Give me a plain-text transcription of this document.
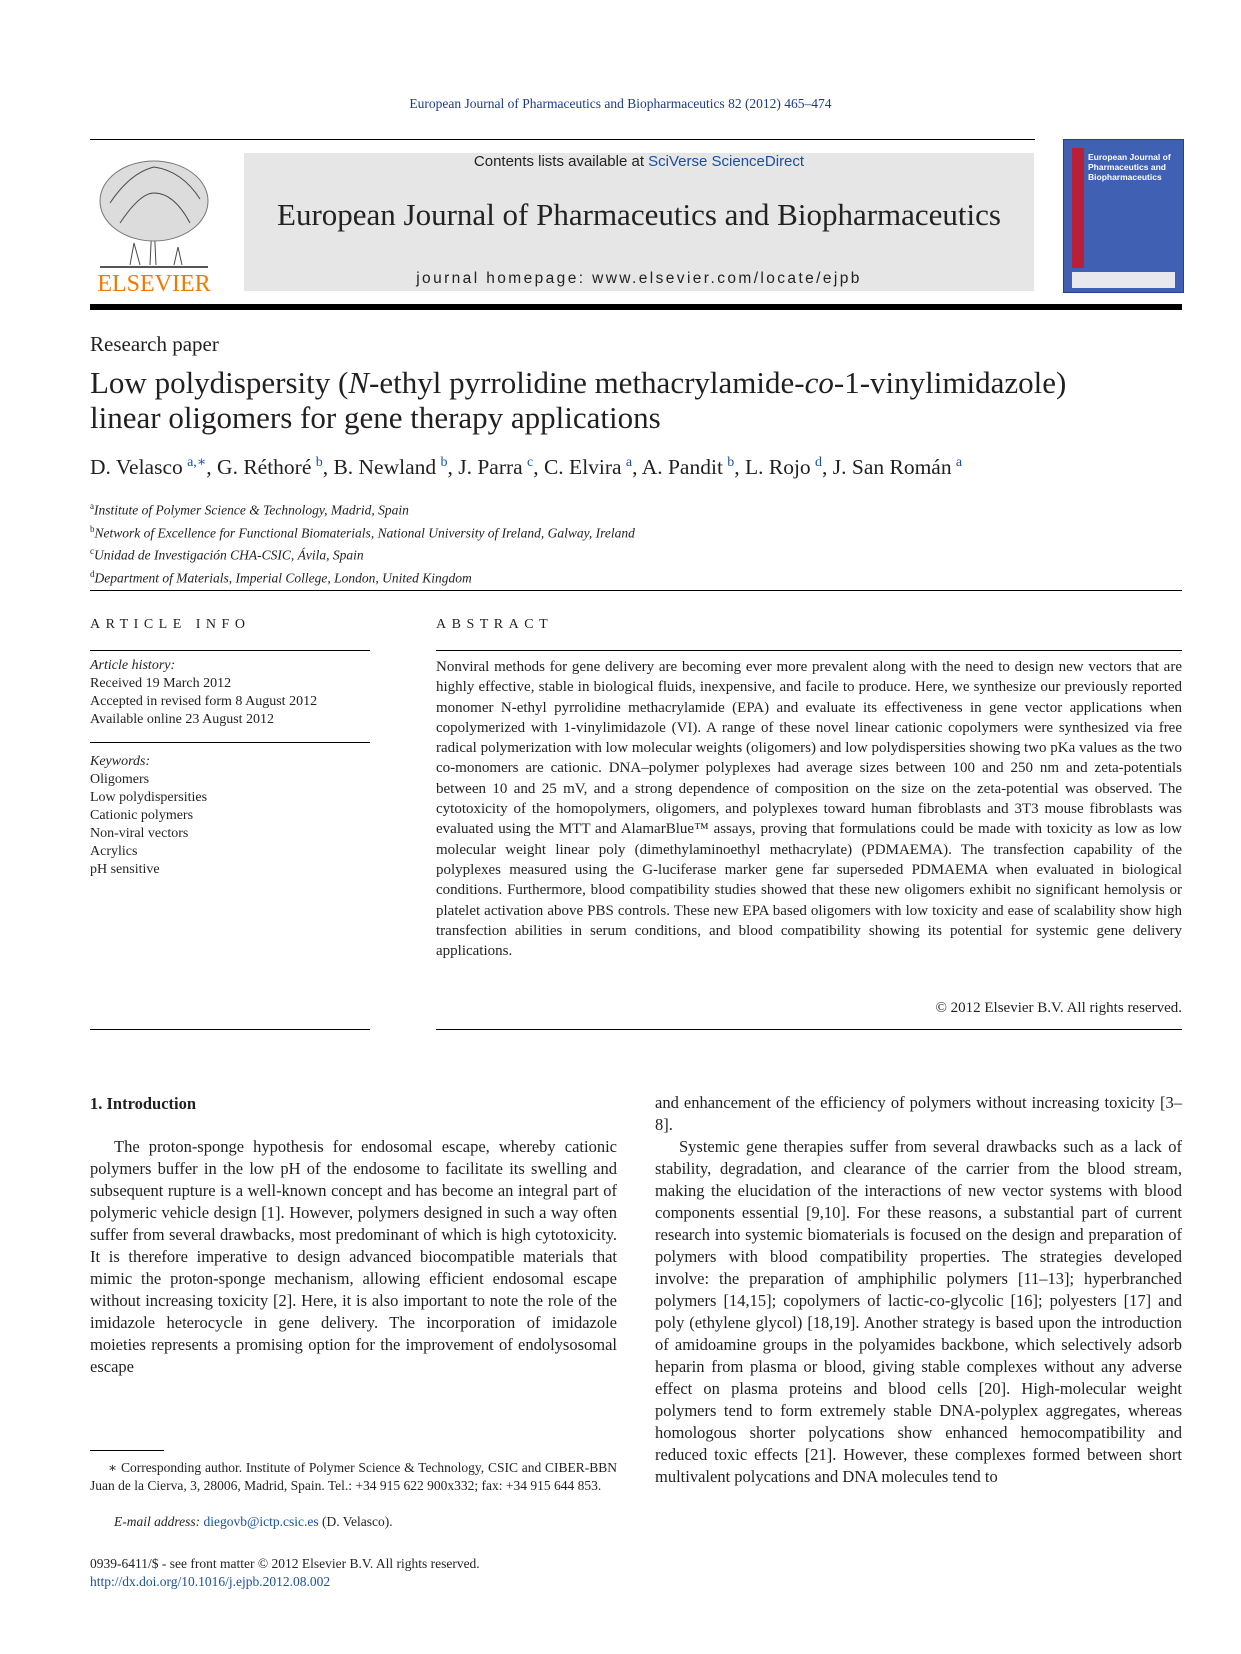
European Journal of Pharmaceutics and Biopharmaceutics 82 (2012) 465–474
ELSEVIER
Contents lists available at SciVerse ScienceDirect
European Journal of Pharmaceutics and Biopharmaceutics
journal homepage: www.elsevier.com/locate/ejpb
European Journal of Pharmaceutics and Biopharmaceutics
Research paper
Low polydispersity (N-ethyl pyrrolidine methacrylamide-co-1-vinylimidazole)
linear oligomers for gene therapy applications
D. Velasco $^{a,∗}$, G. Réthoré $^b$, B. Newland $^b$, J. Parra $^c$, C. Elvira $^a$, A. Pandit $^b$, L. Rojo $^d$, J. San Román $^a$
$^a$Institute of Polymer Science & Technology, Madrid, Spain
$^b$Network of Excellence for Functional Biomaterials, National University of Ireland, Galway, Ireland
$^c$Unidad de Investigación CHA-CSIC, Ávila, Spain
$^d$Department of Materials, Imperial College, London, United Kingdom
ARTICLE INFO
Article history:
Received 19 March 2012
Accepted in revised form 8 August 2012
Available online 23 August 2012
Keywords:
Oligomers
Low polydispersities
Cationic polymers
Non-viral vectors
Acrylics
pH sensitive
ABSTRACT
Nonviral methods for gene delivery are becoming ever more prevalent along with the need to design new vectors that are highly effective, stable in biological fluids, inexpensive, and facile to produce. Here, we synthesize our previously reported monomer N-ethyl pyrrolidine methacrylamide (EPA) and evaluate its effectiveness in gene vector applications when copolymerized with 1-vinylimidazole (VI). A range of these novel linear cationic copolymers were synthesized via free radical polymerization with low molecular weights (oligomers) and low polydispersities showing two pKa values as the two co-monomers are cationic. DNA–polymer polyplexes had average sizes between 100 and 250 nm and zeta-potentials between 10 and 25 mV, and a strong dependence of composition on the size on the zeta-potential was observed. The cytotoxicity of the homopolymers, oligomers, and polyplexes toward human fibroblasts and 3T3 mouse fibroblasts was evaluated using the MTT and AlamarBlue™ assays, proving that formulations could be made with toxicity as low as low molecular weight linear poly (dimethylaminoethyl methacrylate) (PDMAEMA). The transfection capability of the polyplexes measured using the G-luciferase marker gene far superseded PDMAEMA when evaluated in biological conditions. Furthermore, blood compatibility studies showed that these new oligomers exhibit no significant hemolysis or platelet activation above PBS controls. These new EPA based oligomers with low toxicity and ease of scalability show high transfection abilities in serum conditions, and blood compatibility showing its potential for systemic gene delivery applications.
© 2012 Elsevier B.V. All rights reserved.
1. Introduction
The proton-sponge hypothesis for endosomal escape, whereby cationic polymers buffer in the low pH of the endosome to facilitate its swelling and subsequent rupture is a well-known concept and has become an integral part of polymeric vehicle design [1]. However, polymers designed in such a way often suffer from several drawbacks, most predominant of which is high cytotoxicity. It is therefore imperative to design advanced biocompatible materials that mimic the proton-sponge mechanism, allowing efficient endosomal escape without increasing toxicity [2]. Here, it is also important to note the role of the imidazole heterocycle in gene delivery. The incorporation of imidazole moieties represents a promising option for the improvement of endolysosomal escape

and enhancement of the efficiency of polymers without increasing toxicity [3–8].

Systemic gene therapies suffer from several drawbacks such as a lack of stability, degradation, and clearance of the carrier from the blood stream, making the elucidation of the interactions of new vector systems with blood components essential [9,10]. For these reasons, a substantial part of current research into systemic biomaterials is focused on the design and preparation of polymers with blood compatibility properties. The strategies developed involve: the preparation of amphiphilic polymers [11–13]; hyperbranched polymers [14,15]; copolymers of lactic-co-glycolic [16]; polyesters [17] and poly (ethylene glycol) [18,19]. Another strategy is based upon the introduction of amidoamine groups in the polyamides backbone, which selectively adsorb heparin from plasma or blood, giving stable complexes without any adverse effect on plasma proteins and blood cells [20]. High-molecular weight polymers tend to form extremely stable DNA-polyplex aggregates, whereas homologous shorter polycations show enhanced hemocompatibility and reduced toxic effects [21]. However, these complexes formed between short multivalent polycations and DNA molecules tend to

∗ Corresponding author. Institute of Polymer Science & Technology, CSIC and CIBER-BBN Juan de la Cierva, 3, 28006, Madrid, Spain. Tel.: +34 915 622 900x332; fax: +34 915 644 853.
E-mail address: diegovb@ictp.csic.es (D. Velasco).
0939-6411/$ - see front matter © 2012 Elsevier B.V. All rights reserved.
http://dx.doi.org/10.1016/j.ejpb.2012.08.002
